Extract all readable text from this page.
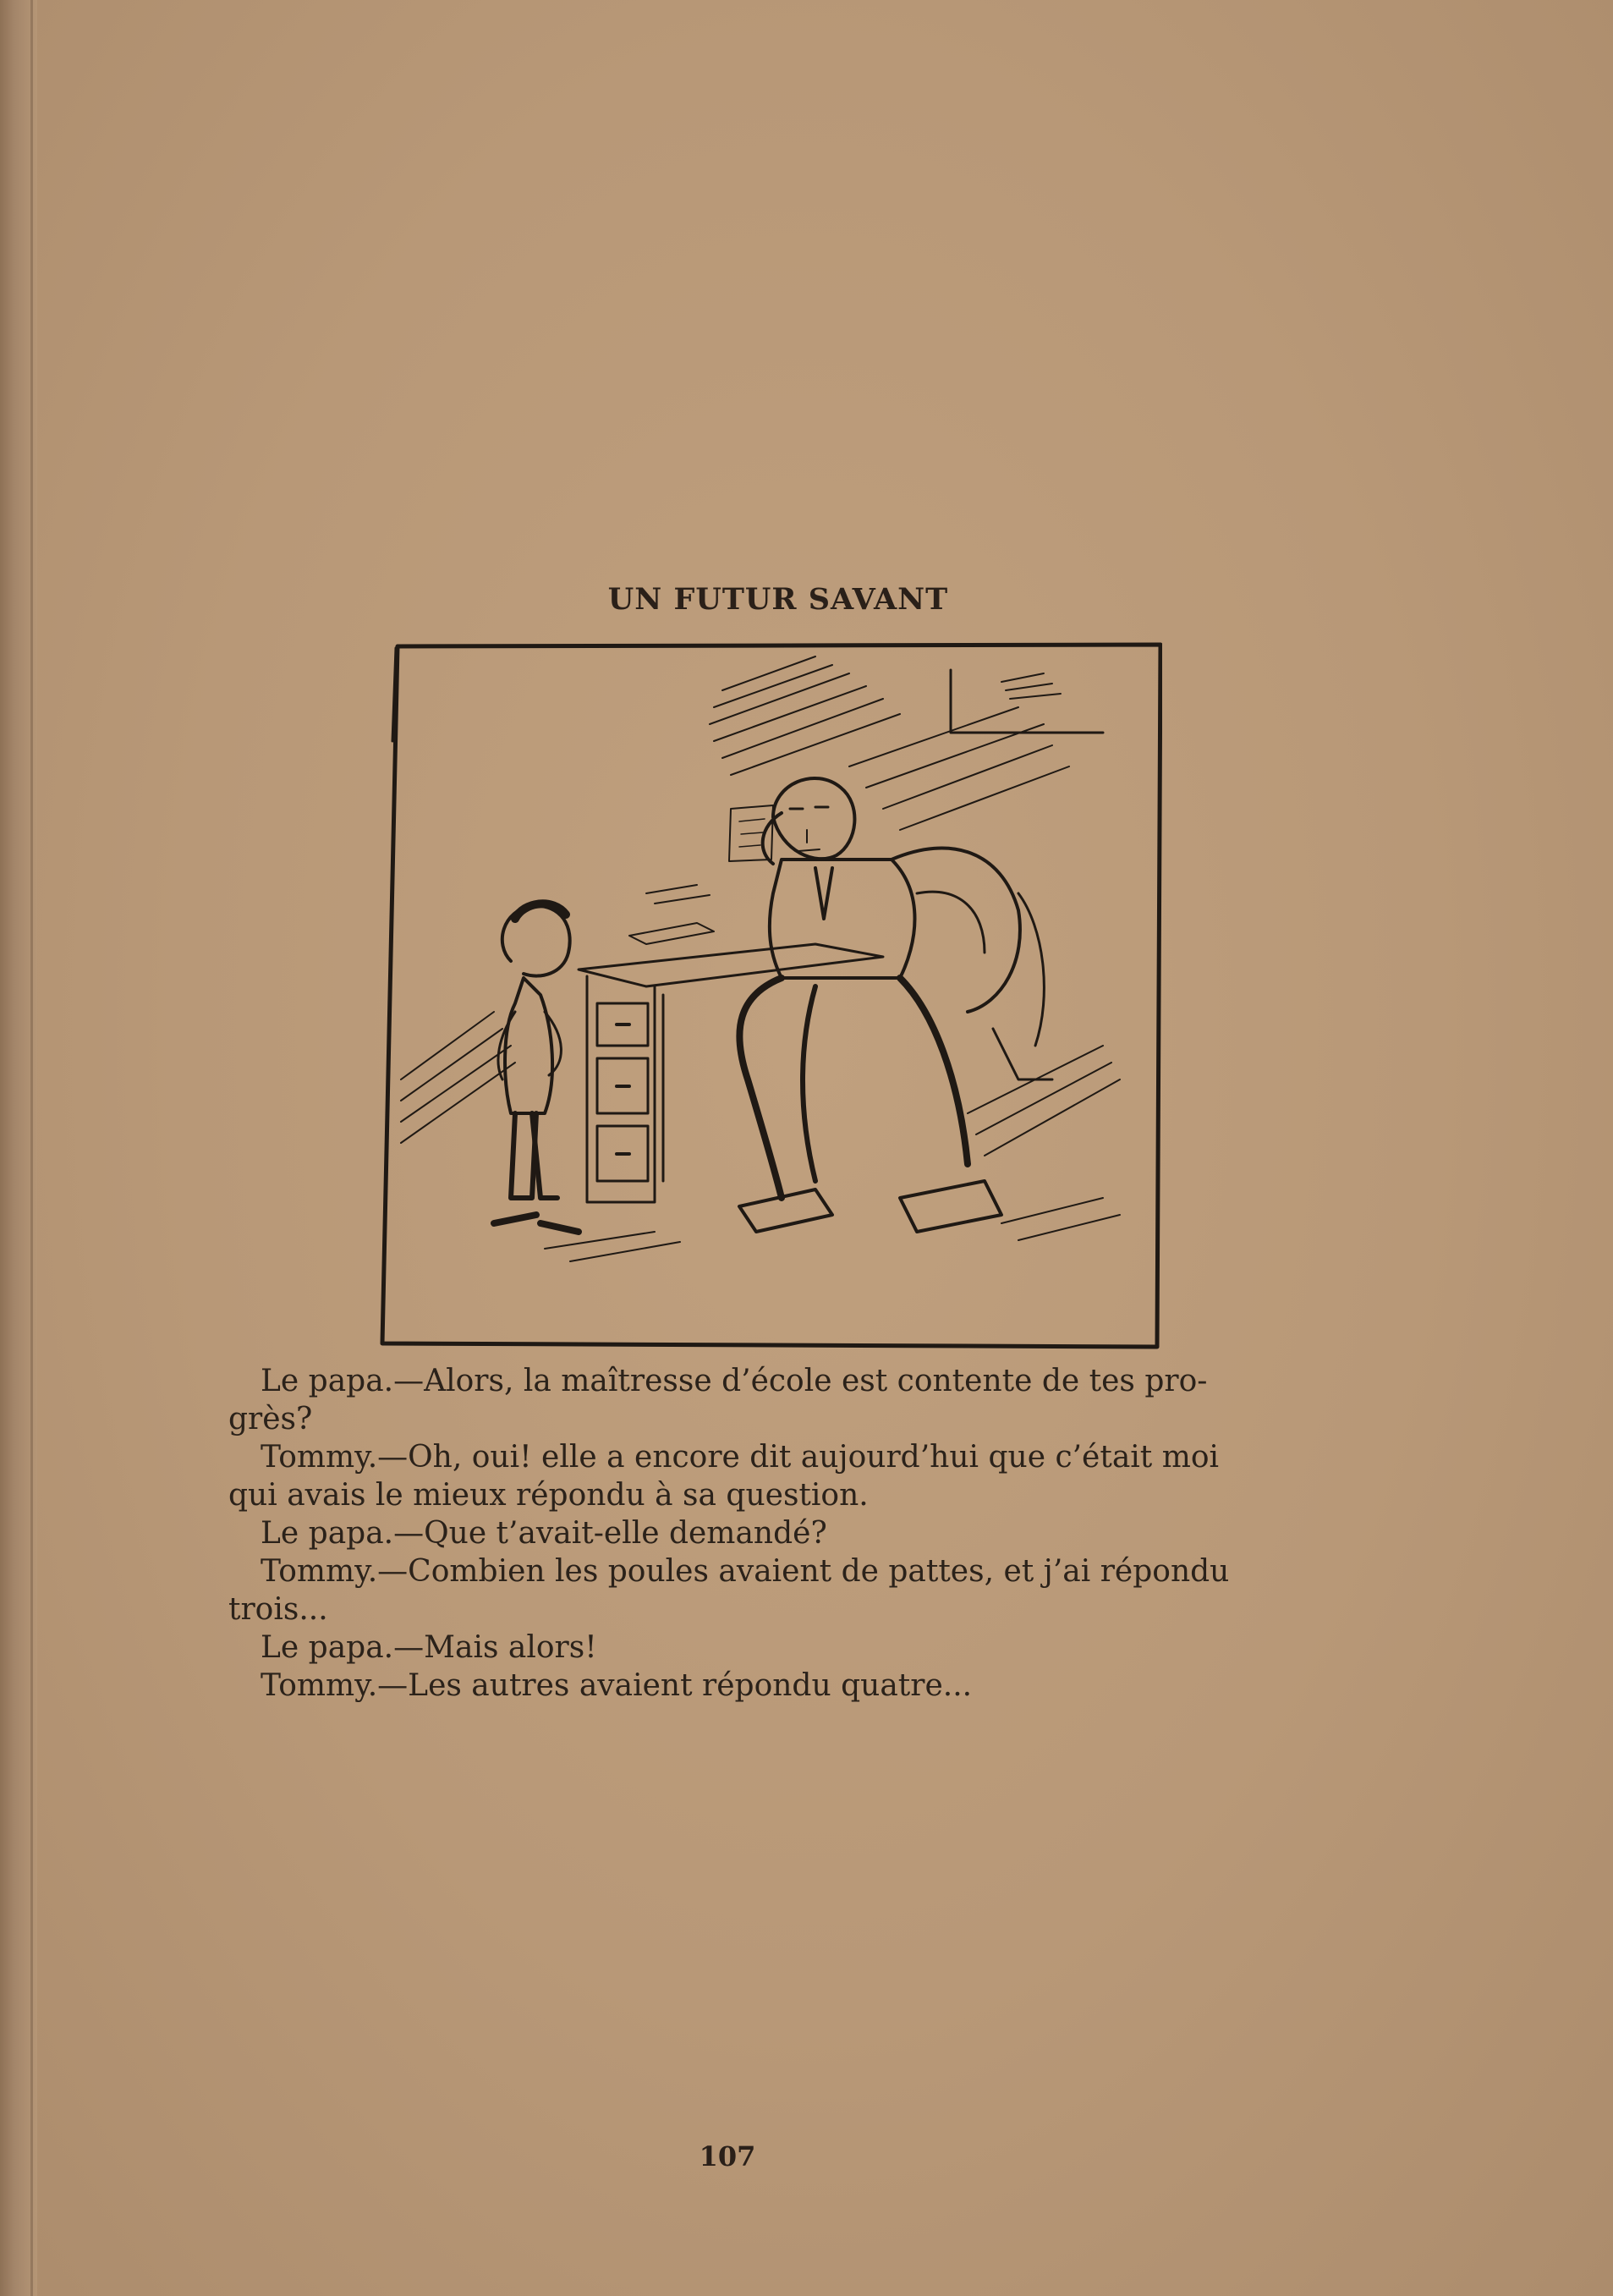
UN FUTUR SAVANT

Le papa.—Alors, la maîtresse d’école est contente de tes pro-

grès?

Tommy.—Oh, oui! elle a encore dit aujourd’hui que c’était moi

qui avais le mieux répondu à sa question.

Le papa.—Que t’avait-elle demandé?

Tommy.—Combien les poules avaient de pattes, et j’ai répondu

trois...

Le papa.—Mais alors!

Tommy.—Les autres avaient répondu quatre...

107
